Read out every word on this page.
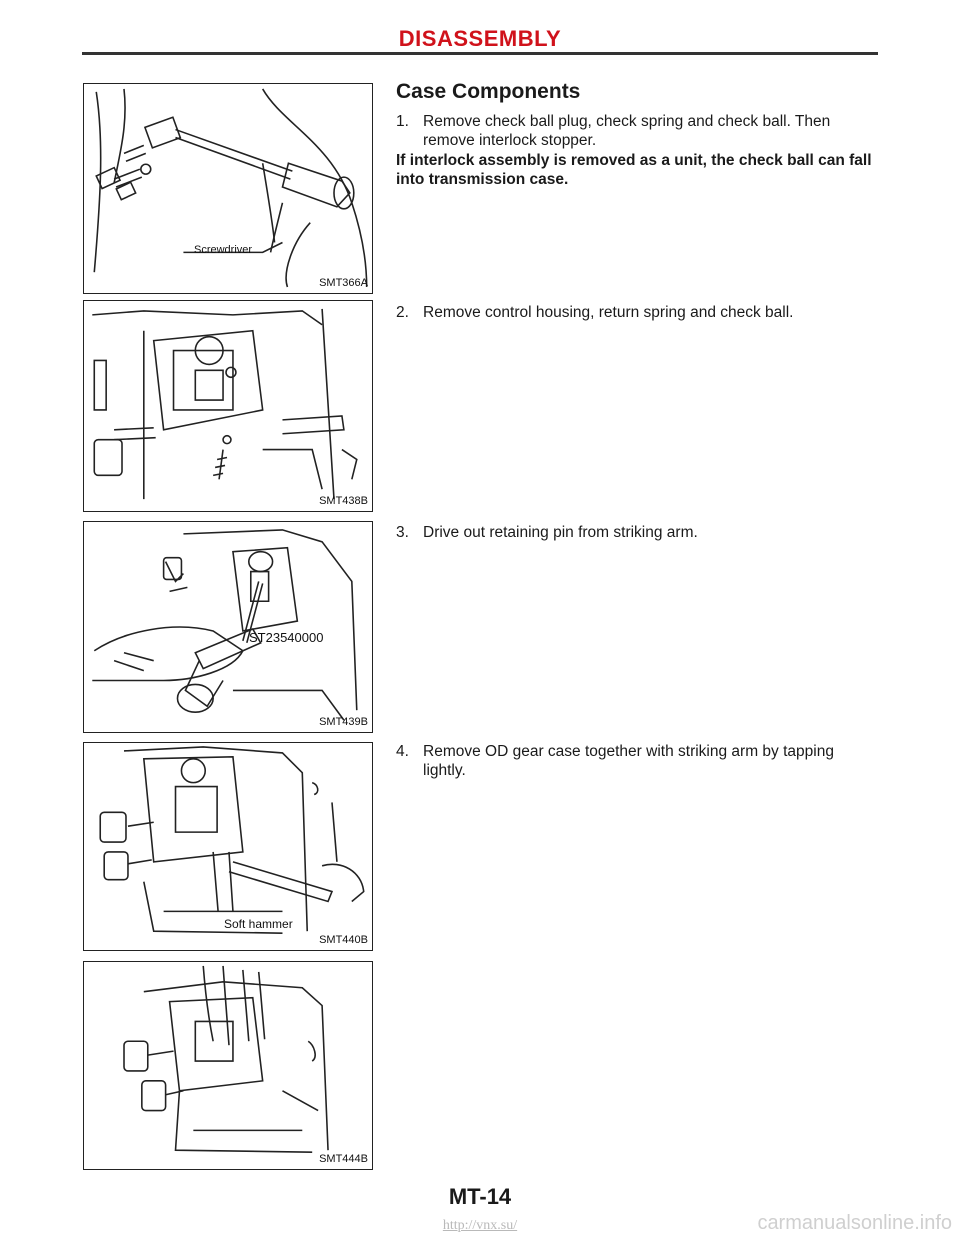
DISASSEMBLY
Screwdriver
SMT366A
SMT438B
ST23540000
SMT439B
Soft hammer
SMT440B
SMT444B
Case Components
1. Remove check ball plug, check spring and check ball. Then
remove interlock stopper.
If interlock assembly is removed as a unit, the check ball can fall into transmission case.
2. Remove control housing, return spring and check ball.
3. Drive out retaining pin from striking arm.
4. Remove OD gear case together with striking arm by tapping
lightly.
MT-14
http://vnx.su/	carmanualsonline.info
